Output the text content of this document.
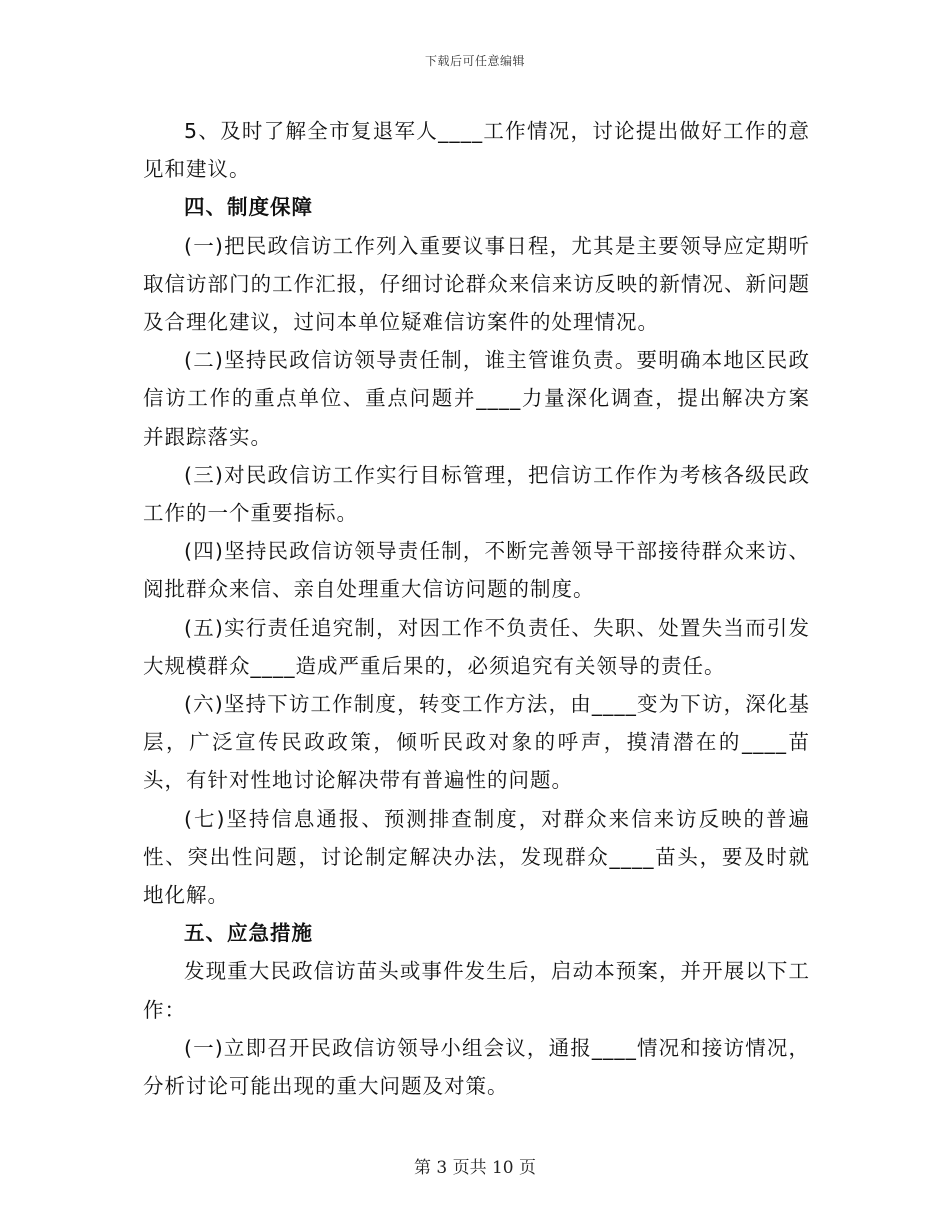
下载后可任意编辑

5、及时了解全市复退军人____工作情况，讨论提出做好工作的意见和建议。

四、制度保障

(一)把民政信访工作列入重要议事日程，尤其是主要领导应定期听取信访部门的工作汇报，仔细讨论群众来信来访反映的新情况、新问题及合理化建议，过问本单位疑难信访案件的处理情况。

(二)坚持民政信访领导责任制，谁主管谁负责。要明确本地区民政信访工作的重点单位、重点问题并____力量深化调查，提出解决方案并跟踪落实。

(三)对民政信访工作实行目标管理，把信访工作作为考核各级民政工作的一个重要指标。

(四)坚持民政信访领导责任制，不断完善领导干部接待群众来访、阅批群众来信、亲自处理重大信访问题的制度。

(五)实行责任追究制，对因工作不负责任、失职、处置失当而引发大规模群众____造成严重后果的，必须追究有关领导的责任。

(六)坚持下访工作制度，转变工作方法，由____变为下访，深化基层，广泛宣传民政政策，倾听民政对象的呼声，摸清潜在的____苗头，有针对性地讨论解决带有普遍性的问题。

(七)坚持信息通报、预测排查制度，对群众来信来访反映的普遍性、突出性问题，讨论制定解决办法，发现群众____苗头，要及时就地化解。

五、应急措施

发现重大民政信访苗头或事件发生后，启动本预案，并开展以下工作：

(一)立即召开民政信访领导小组会议，通报____情况和接访情况，分析讨论可能出现的重大问题及对策。

第 3 页共 10 页
